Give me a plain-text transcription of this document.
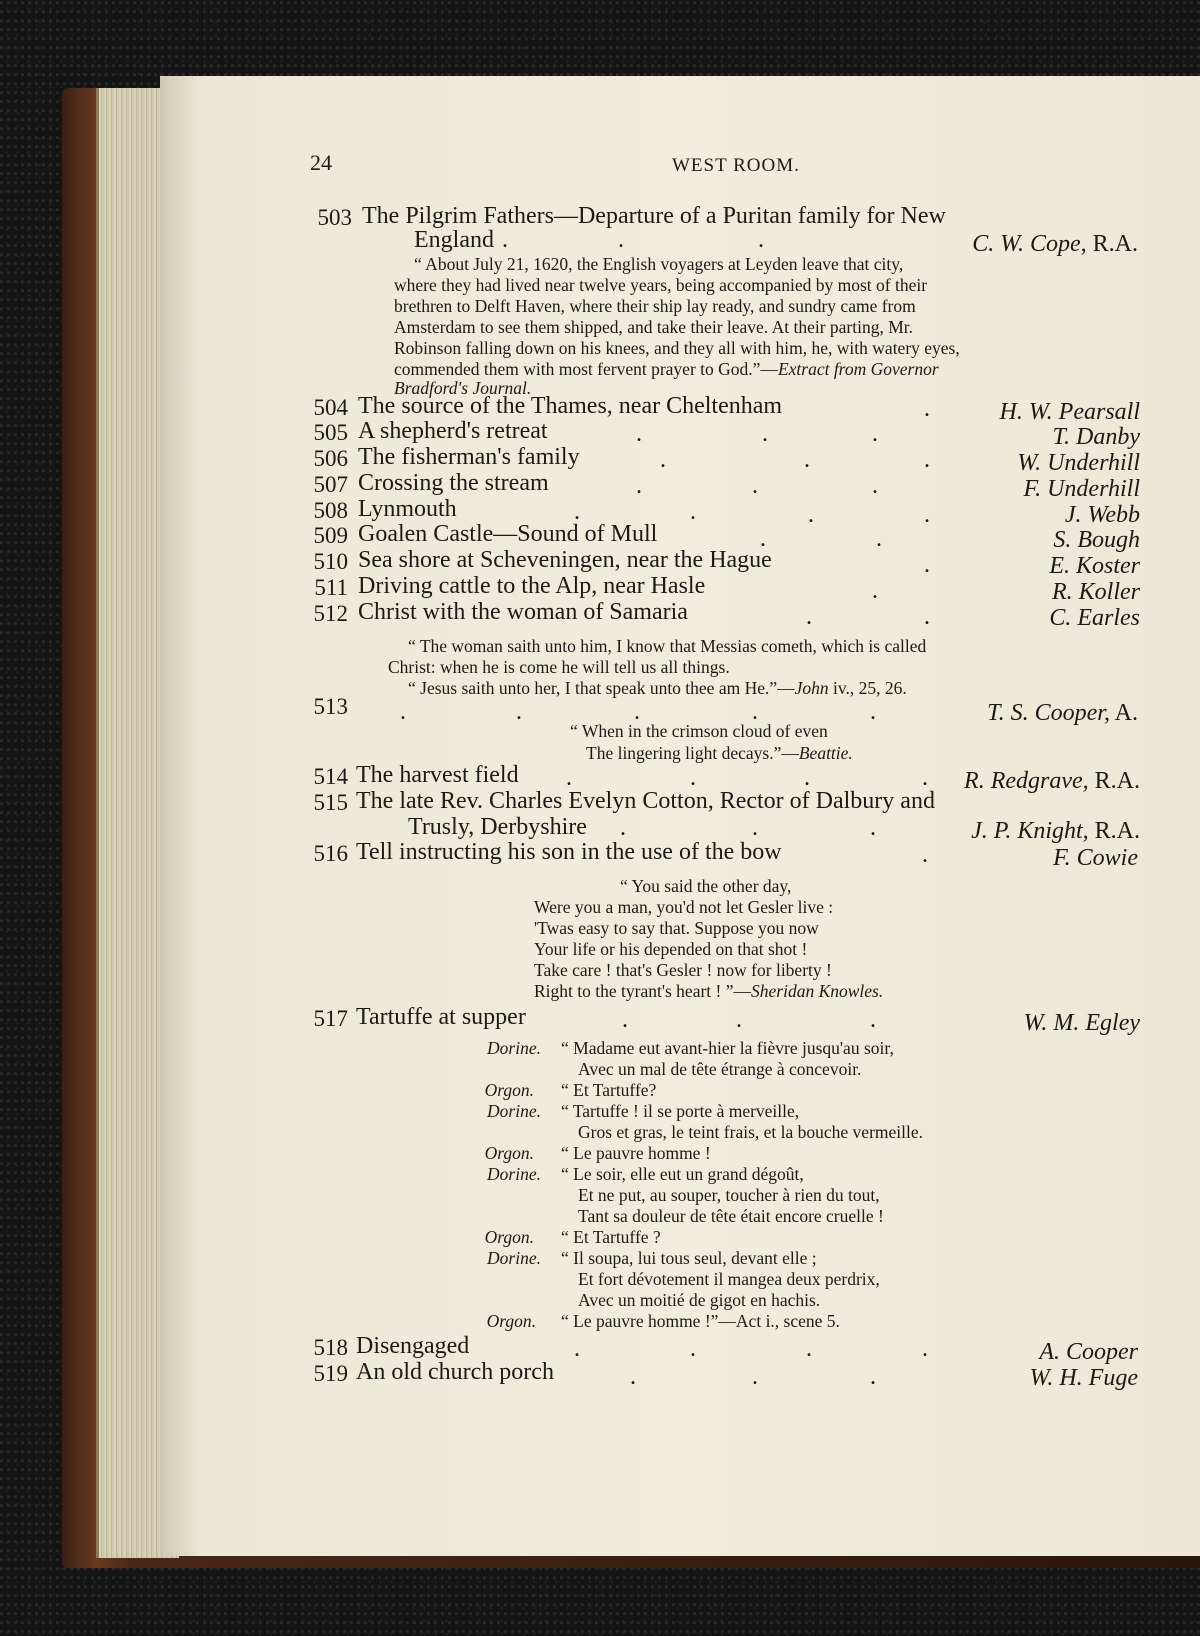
24	WEST ROOM.
503 The Pilgrim Fathers—Departure of a Puritan family for New
England .	.	.	C. W. Cope, R.A.
“ About July 21, 1620, the English voyagers at Leyden leave that city,
where they had lived near twelve years, being accompanied by most of their
brethren to Delft Haven, where their ship lay ready, and sundry came from
Amsterdam to see them shipped, and take their leave. At their parting, Mr.
Robinson falling down on his knees, and they all with him, he, with watery eyes,
commended them with most fervent prayer to God.”—Extract from Governor
Bradford's Journal.
504 The source of the Thames, near Cheltenham	.	H. W. Pearsall
505 A shepherd's retreat	.	.	.	T. Danby
506 The fisherman's family	.	.	.	W. Underhill
507 Crossing the stream	.	.	.	F. Underhill
508 Lynmouth	.	.	.	.	J. Webb
509 Goalen Castle—Sound of Mull	.	.	S. Bough
510 Sea shore at Scheveningen, near the Hague	.	E. Koster
511 Driving cattle to the Alp, near Hasle	.	R. Koller
512 Christ with the woman of Samaria	.	.	C. Earles
“ The woman saith unto him, I know that Messias cometh, which is called
Christ: when he is come he will tell us all things.
“ Jesus saith unto her, I that speak unto thee am He.”—John iv., 25, 26.
513 .	.	.	.	.	T. S. Cooper, A.
“ When in the crimson cloud of even
The lingering light decays.”—Beattie.
514 The harvest field .	.	.	. R. Redgrave, R.A.
515 The late Rev. Charles Evelyn Cotton, Rector of Dalbury and
Trusly, Derbyshire .	.	.	J. P. Knight, R.A.
516 Tell instructing his son in the use of the bow	.	F. Cowie
“ You said the other day,
Were you a man, you'd not let Gesler live :
'Twas easy to say that. Suppose you now
Your life or his depended on that shot !
Take care ! that's Gesler ! now for liberty !
Right to the tyrant's heart ! ”—Sheridan Knowles.
517 Tartuffe at supper	.	.	.	W. M. Egley
Dorine. “ Madame eut avant-hier la fièvre jusqu'au soir,
Avec un mal de tête étrange à concevoir.
Orgon. “ Et Tartuffe?
Dorine. “ Tartuffe ! il se porte à merveille,
Gros et gras, le teint frais, et la bouche vermeille.
Orgon. “ Le pauvre homme !
Dorine. “ Le soir, elle eut un grand dégoût,
Et ne put, au souper, toucher à rien du tout,
Tant sa douleur de tête était encore cruelle !
Orgon. “ Et Tartuffe ?
Dorine. “ Il soupa, lui tous seul, devant elle ;
Et fort dévotement il mangea deux perdrix,
Avec un moitié de gigot en hachis.
Orgon. “ Le pauvre homme !”—Act i., scene 5.
518 Disengaged	.	.	.	.	A. Cooper
519 An old church porch	.	.	.	W. H. Fuge
